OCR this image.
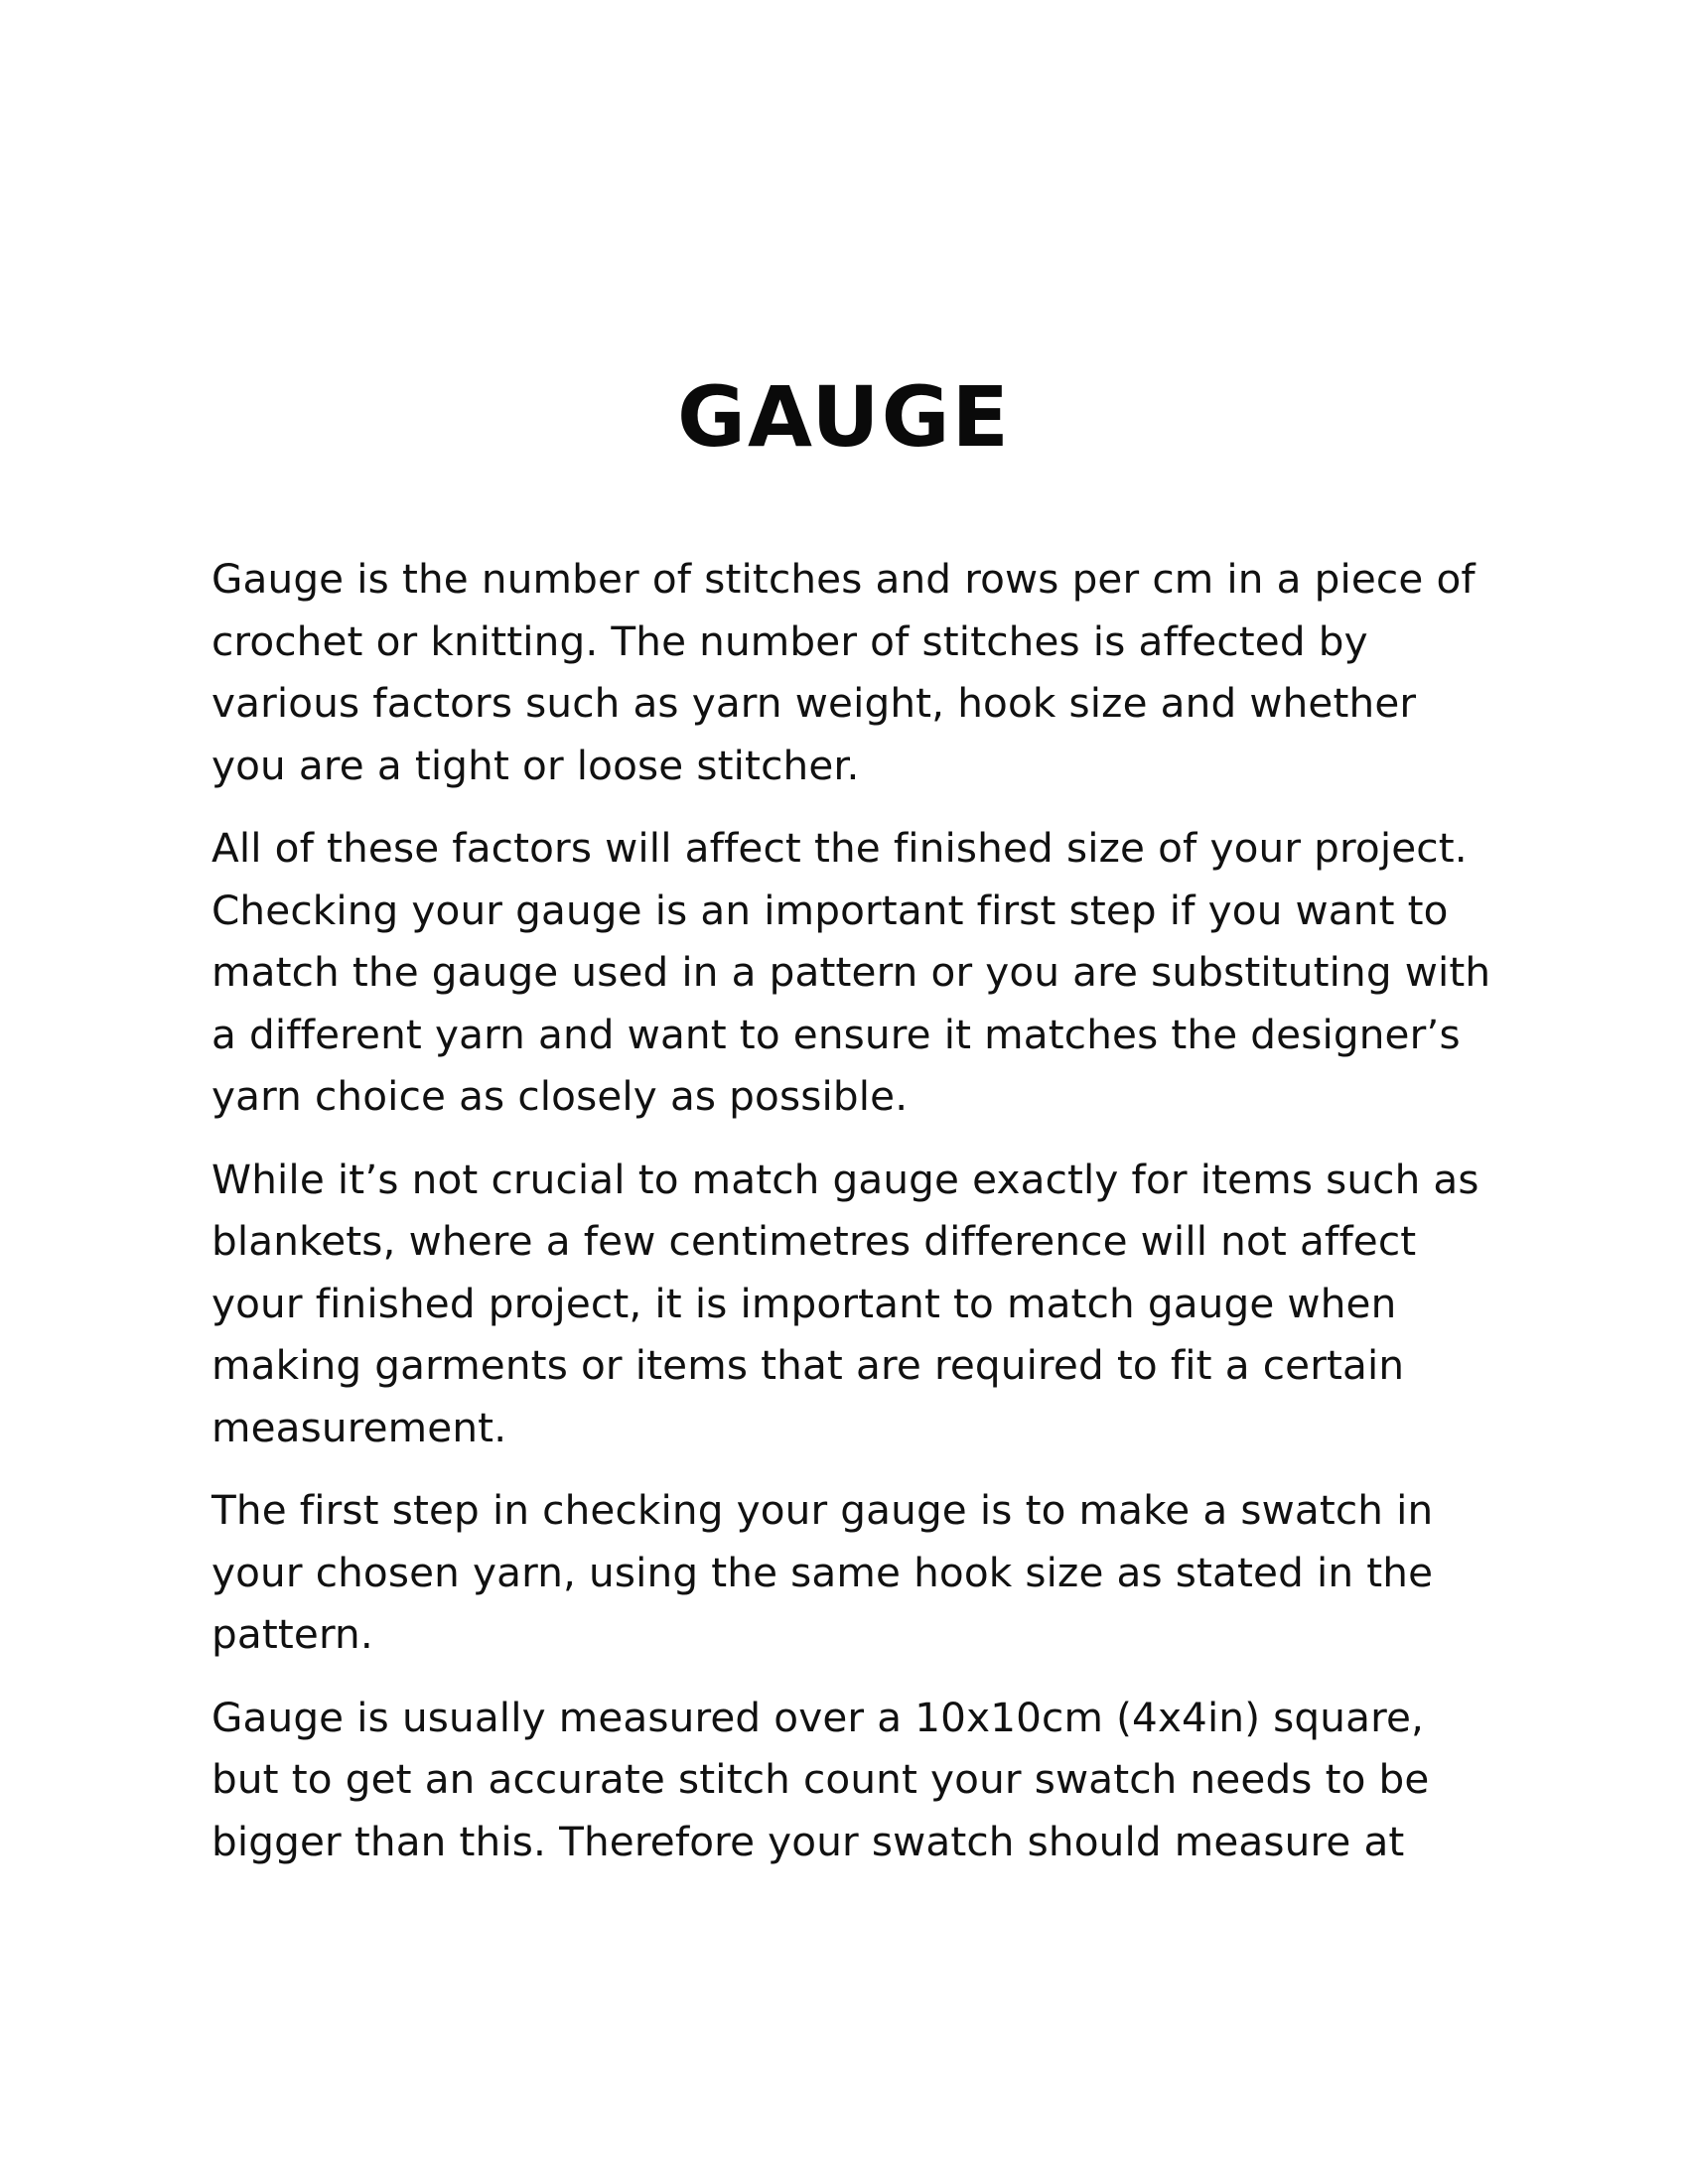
GAUGE

Gauge is the number of stitches and rows per cm in a piece of crochet or knitting. The number of stitches is affected by various factors such as yarn weight, hook size and whether you are a tight or loose stitcher.

All of these factors will affect the finished size of your project. Checking your gauge is an important first step if you want to match the gauge used in a pattern or you are substituting with a different yarn and want to ensure it matches the designer’s yarn choice as closely as possible.

While it’s not crucial to match gauge exactly for items such as blankets, where a few centimetres difference will not affect your finished project, it is important to match gauge when making garments or items that are required to fit a certain measurement.

The first step in checking your gauge is to make a swatch in your chosen yarn, using the same hook size as stated in the pattern.

Gauge is usually measured over a 10x10cm (4x4in) square, but to get an accurate stitch count your swatch needs to be bigger than this. Therefore your swatch should measure at
